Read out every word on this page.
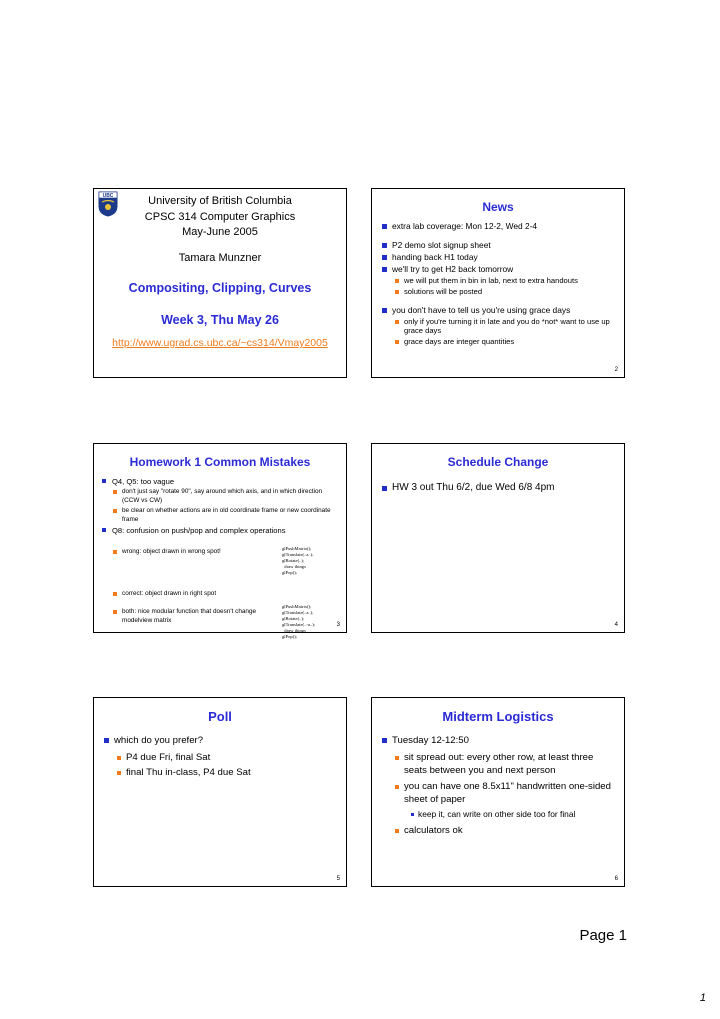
UBC	University of British Columbia
CPSC 314 Computer Graphics
May-June 2005
Tamara Munzner
Compositing, Clipping, Curves
Week 3, Thu May 26
http://www.ugrad.cs.ubc.ca/~cs314/Vmay2005
News
extra lab coverage: Mon 12-2, Wed 2-4
P2 demo slot signup sheet
handing back H1 today
we'll try to get H2 back tomorrow
we will put them in bin in lab, next to extra handouts
solutions will be posted
you don't have to tell us you're using grace days
only if you're turning it in late and you do *not* want to use up grace days
grace days are integer quantities
2
Homework 1 Common Mistakes
Q4, Q5: too vague
don't just say "rotate 90", say around which axis, and in which direction (CCW vs CW)
be clear on whether actions are in old coordinate frame or new coordinate frame
Q8: confusion on push/pop and complex operations
wrong: object drawn in wrong spot!
correct: object drawn in right spot
both: nice modular function that doesn't change modelview matrix
glPushMatrix();
glTranslate(..a..);
glRotate(..);
draw things
glPop();
glPushMatrix();
glTranslate(..a..);
glRotate(..);
glTranslate(..-a..);
draw things
glPop();
3
Schedule Change
HW 3 out Thu 6/2, due Wed 6/8 4pm
4
Poll
which do you prefer?
P4 due Fri, final Sat
final Thu in-class, P4 due Sat
5
Midterm Logistics
Tuesday 12-12:50
sit spread out: every other row, at least three seats between you and next person
you can have one 8.5x11" handwritten one-sided sheet of paper
keep it, can write on other side too for final
calculators ok
6
Page 1
1
